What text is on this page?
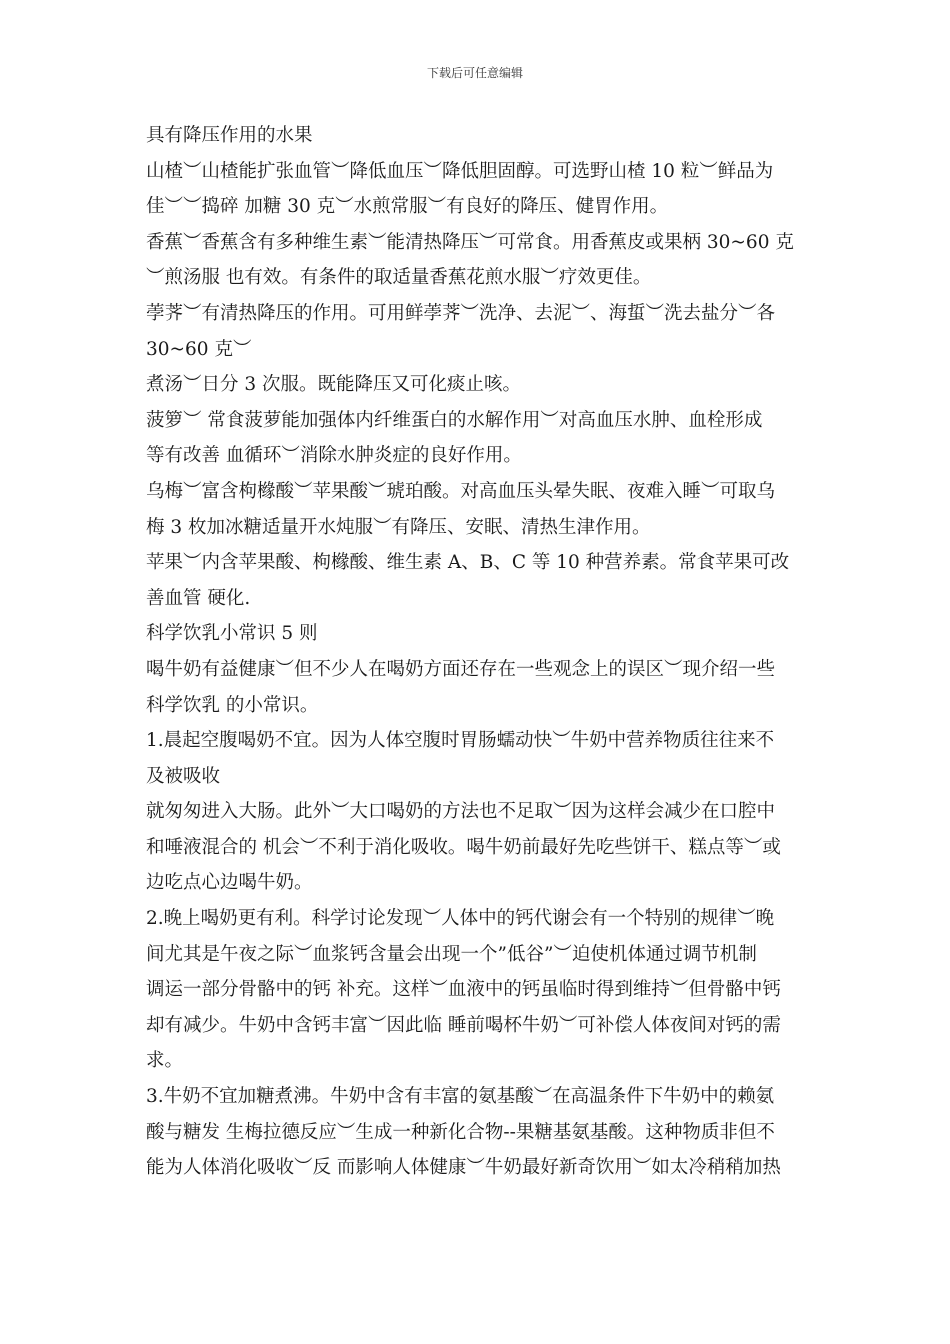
下载后可任意编辑
具有降压作用的水果
山楂︶山楂能扩张血管︶降低血压︶降低胆固醇。可选野山楂 10 粒︶鲜品为
佳︶︶捣碎 加糖 30 克︶水煎常服︶有良好的降压、健胃作用。
香蕉︶香蕉含有多种维生素︶能清热降压︶可常食。用香蕉皮或果柄 30~60 克
︶煎汤服 也有效。有条件的取适量香蕉花煎水服︶疗效更佳。
荸荠︶有清热降压的作用。可用鲜荸荠︶洗净、去泥︶、海蜇︶洗去盐分︶各
30~60 克︶
煮汤︶日分 3 次服。既能降压又可化痰止咳。
菠箩︶ 常食菠萝能加强体内纤维蛋白的水解作用︶对高血压水肿、血栓形成
等有改善 血循环︶消除水肿炎症的良好作用。
乌梅︶富含枸橼酸︶苹果酸︶琥珀酸。对高血压头晕失眠、夜难入睡︶可取乌
梅 3 枚加冰糖适量开水炖服︶有降压、安眠、清热生津作用。
苹果︶内含苹果酸、枸橼酸、维生素 A、B、C 等 10 种营养素。常食苹果可改
善血管 硬化.
科学饮乳小常识 5 则
喝牛奶有益健康︶但不少人在喝奶方面还存在一些观念上的误区︶现介绍一些
科学饮乳 的小常识。
1.晨起空腹喝奶不宜。因为人体空腹时胃肠蠕动快︶牛奶中营养物质往往来不
及被吸收
就匆匆进入大肠。此外︶大口喝奶的方法也不足取︶因为这样会减少在口腔中
和唾液混合的 机会︶不利于消化吸收。喝牛奶前最好先吃些饼干、糕点等︶或
边吃点心边喝牛奶。
2.晚上喝奶更有利。科学讨论发现︶人体中的钙代谢会有一个特别的规律︶晚
间尤其是午夜之际︶血浆钙含量会出现一个”低谷”︶迫使机体通过调节机制
调运一部分骨骼中的钙 补充。这样︶血液中的钙虽临时得到维持︶但骨骼中钙
却有减少。牛奶中含钙丰富︶因此临 睡前喝杯牛奶︶可补偿人体夜间对钙的需
求。
3.牛奶不宜加糖煮沸。牛奶中含有丰富的氨基酸︶在高温条件下牛奶中的赖氨
酸与糖发 生梅拉德反应︶生成一种新化合物--果糖基氨基酸。这种物质非但不
能为人体消化吸收︶反 而影响人体健康︶牛奶最好新奇饮用︶如太冷稍稍加热
